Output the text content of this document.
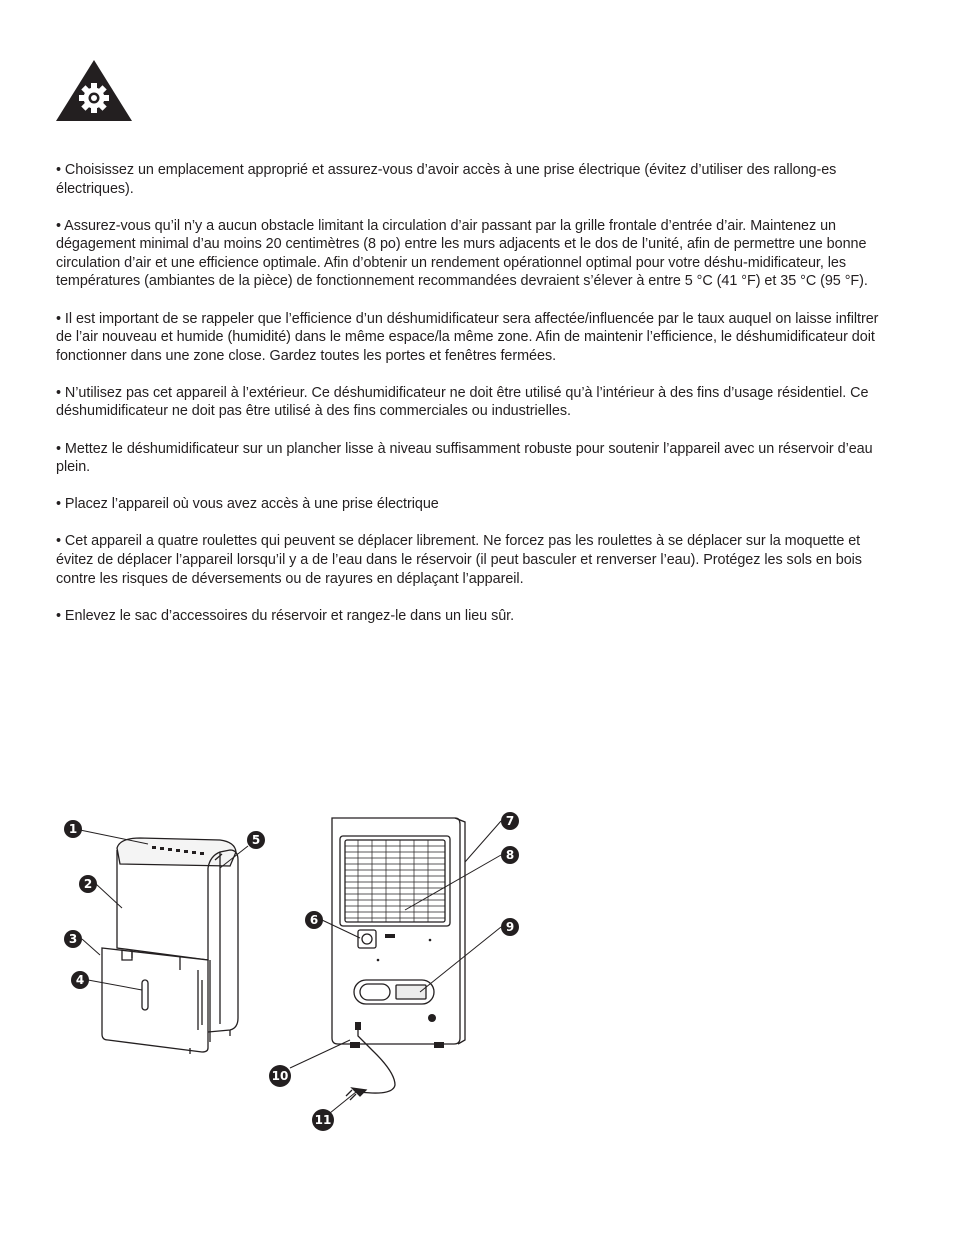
• Choisissez un emplacement approprié et assurez-vous d’avoir accès à une prise électrique (évitez d’utiliser des rallong-es électriques).

• Assurez-vous qu’il n’y a aucun obstacle limitant la circulation d’air passant par la grille frontale d’entrée d’air. Maintenez un dégagement minimal d’au moins 20 centimètres (8 po) entre les murs adjacents et le dos de l’unité, afin de permettre une bonne circulation d’air et une efficience optimale. Afin d’obtenir un rendement opérationnel optimal pour votre déshu-midificateur, les températures (ambiantes de la pièce) de fonctionnement recommandées devraient s’élever à entre 5 °C (41 °F) et 35 °C (95 °F).

• Il est important de se rappeler que l’efficience d’un déshumidificateur sera affectée/influencée par le taux auquel on laisse infiltrer de l’air nouveau et humide (humidité) dans le même espace/la même zone. Afin de maintenir l’efficience, le déshumidificateur doit fonctionner dans une zone close. Gardez toutes les portes et fenêtres fermées.

• N’utilisez pas cet appareil à l’extérieur. Ce déshumidificateur ne doit être utilisé qu’à l’intérieur à des fins d’usage résidentiel. Ce déshumidificateur ne doit pas être utilisé à des fins commerciales ou industrielles.

• Mettez le déshumidificateur sur un plancher lisse à niveau suffisamment robuste pour soutenir l’appareil avec un réservoir d’eau plein.

• Placez l’appareil où vous avez accès à une prise électrique

• Cet appareil a quatre roulettes qui peuvent se déplacer librement. Ne forcez pas les roulettes à se déplacer sur la moquette et évitez de déplacer l’appareil lorsqu’il y a de l’eau dans le réservoir (il peut basculer et renverser l’eau). Protégez les sols en bois contre les risques de déversements ou de rayures en déplaçant l’appareil.

• Enlevez le sac d’accessoires du réservoir et rangez-le dans un lieu sûr.

1
2
3
4
5
6
7
8
9
10
11
